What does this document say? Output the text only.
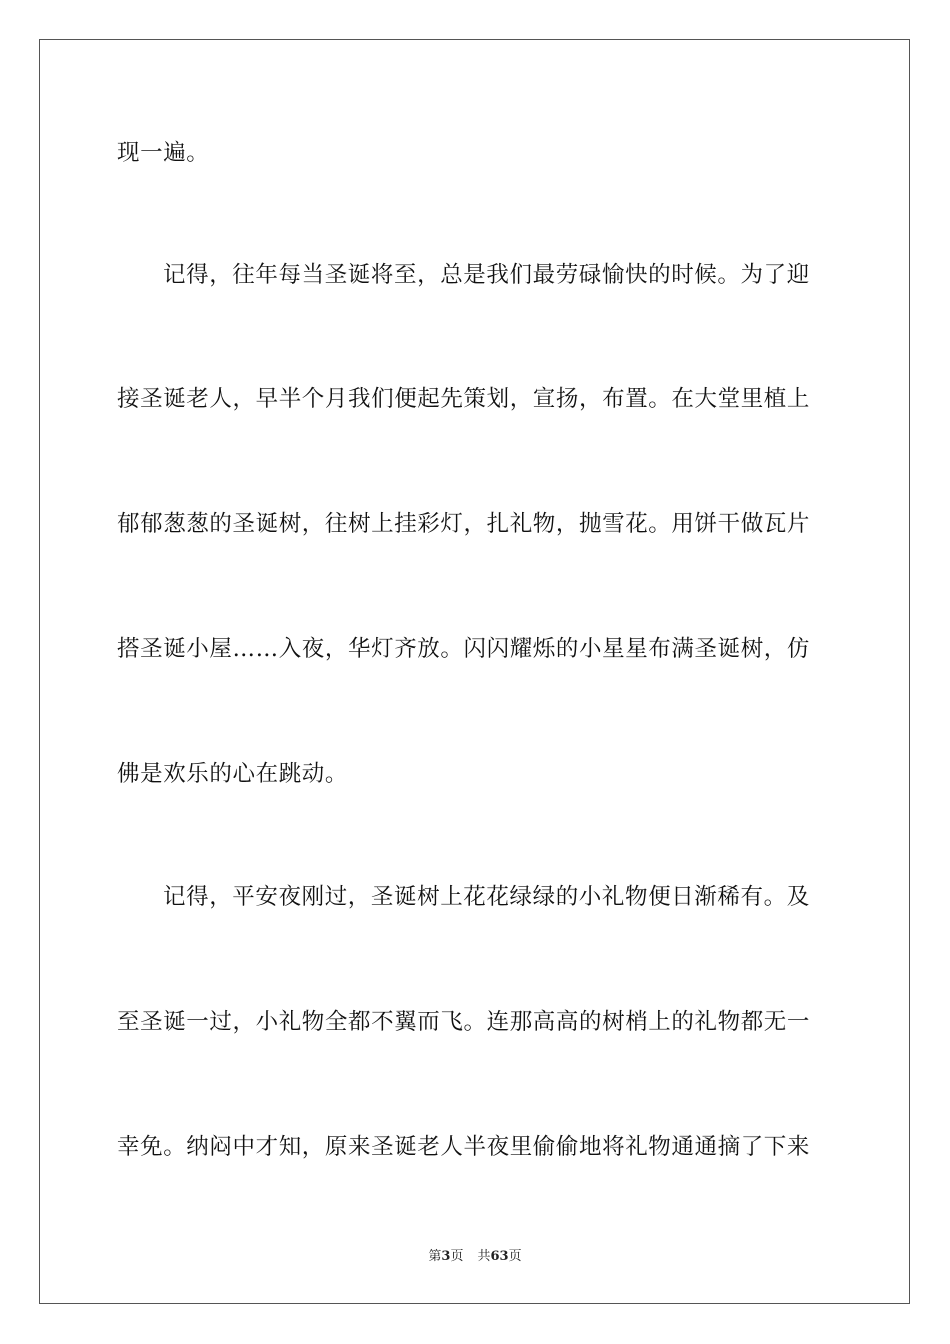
现一遍。
记得，往年每当圣诞将至，总是我们最劳碌愉快的时候。为了迎
接圣诞老人，早半个月我们便起先策划，宣扬，布置。在大堂里植上
郁郁葱葱的圣诞树，往树上挂彩灯，扎礼物，抛雪花。用饼干做瓦片
搭圣诞小屋……入夜，华灯齐放。闪闪耀烁的小星星布满圣诞树，仿
佛是欢乐的心在跳动。
记得，平安夜刚过，圣诞树上花花绿绿的小礼物便日渐稀有。及
至圣诞一过，小礼物全都不翼而飞。连那高高的树梢上的礼物都无一
幸免。纳闷中才知，原来圣诞老人半夜里偷偷地将礼物通通摘了下来
第3页 共63页
